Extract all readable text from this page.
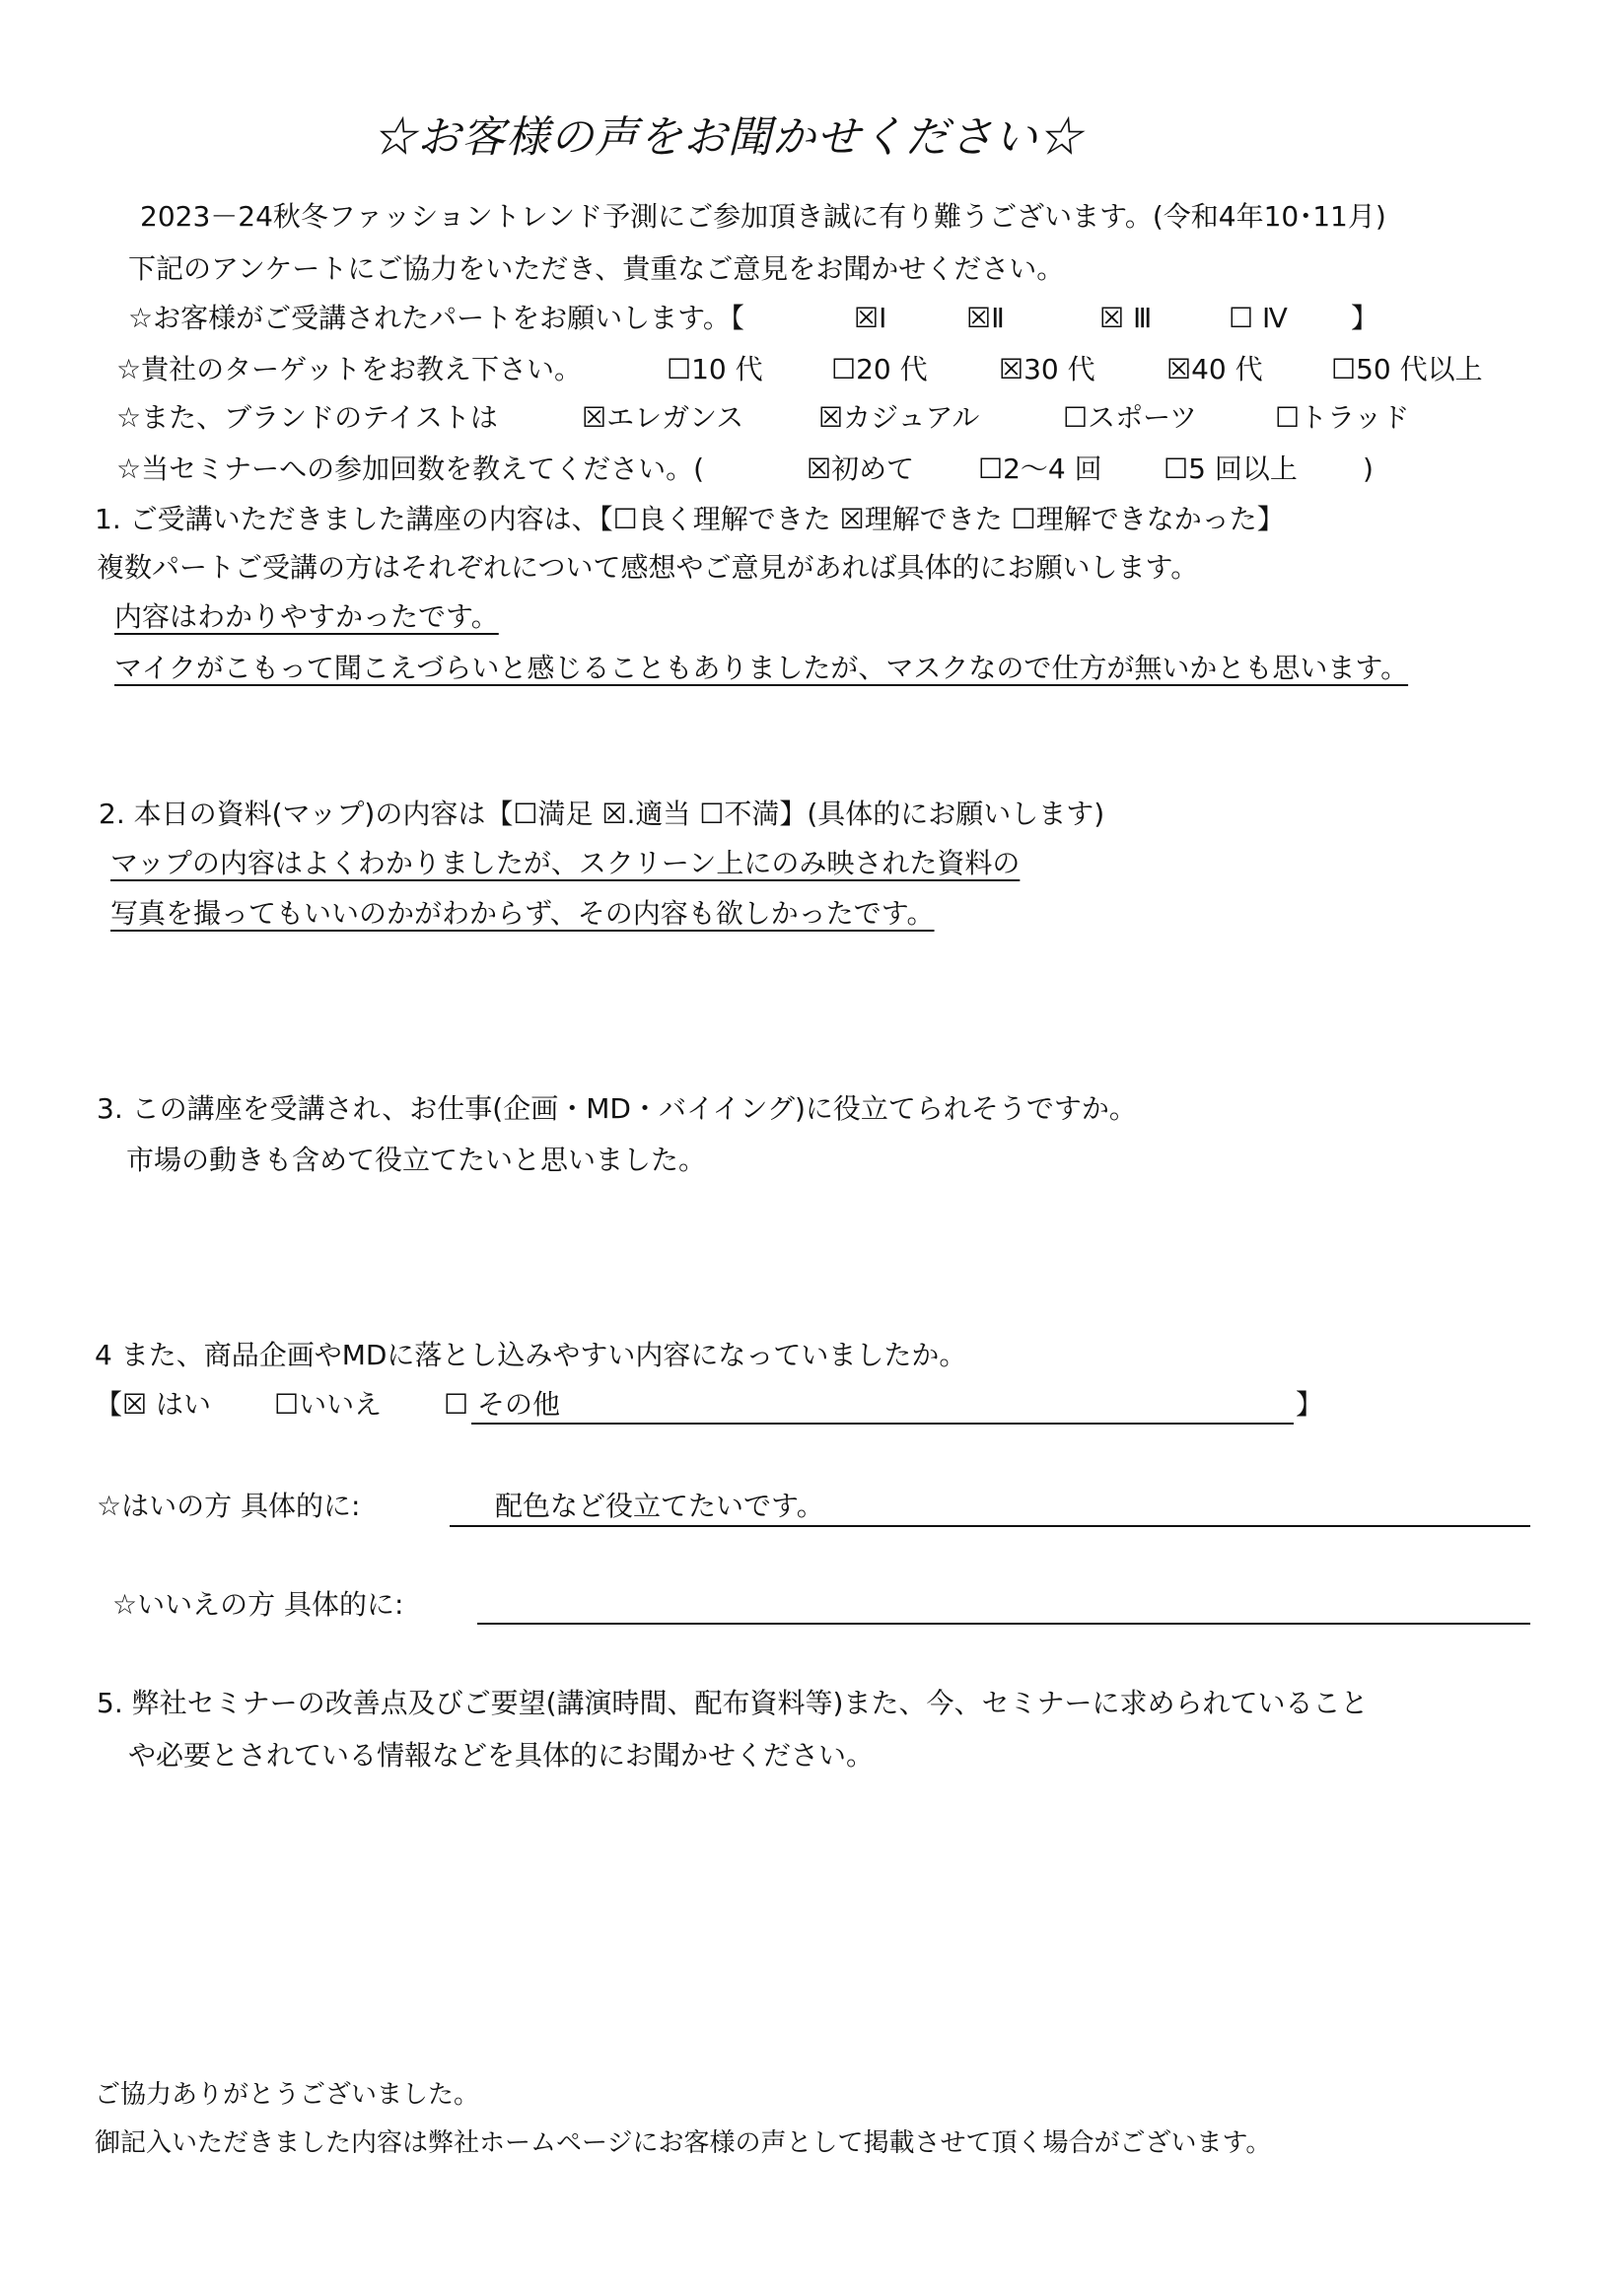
☆お客様の声をお聞かせください☆
2023－24秋冬ファッショントレンド予測にご参加頂き誠に有り難うございます。(令和4年10･11月)
下記のアンケートにご協力をいただき、貴重なご意見をお聞かせください。
☆お客様がご受講されたパートをお願いします。【	☒Ⅰ	☒Ⅱ	☒ Ⅲ	☐ Ⅳ 】
☆貴社のターゲットをお教え下さい。	☐10 代 ☐20 代	☒30 代	☒40 代 ☐50 代以上
☆また、ブランドのテイストは	☒エレガンス	☒カジュアル	☐スポーツ	☐トラッド
☆当セミナーへの参加回数を教えてください。(	☒初めて ☐2～4 回 ☐5 回以上 )
1. ご受講いただきました講座の内容は、【☐良く理解できた ☒理解できた ☐理解できなかった】
複数パートご受講の方はそれぞれについて感想やご意見があれば具体的にお願いします。
内容はわかりやすかったです。
マイクがこもって聞こえづらいと感じることもありましたが、マスクなので仕方が無いかとも思います。
2. 本日の資料(マップ)の内容は【☐満足 ☒.適当 ☐不満】(具体的にお願いします)
マップの内容はよくわかりましたが、スクリーン上にのみ映された資料の
写真を撮ってもいいのかがわからず、その内容も欲しかったです。
3. この講座を受講され、お仕事(企画・MD・バイイング)に役立てられそうですか。
市場の動きも含めて役立てたいと思いました。
4 また、商品企画やMDに落とし込みやすい内容になっていましたか。
【 ☒ はい ☐いいえ ☐ その他	】
☆はいの方 具体的に:	配色など役立てたいです。
☆いいえの方 具体的に:
5. 弊社セミナーの改善点及びご要望(講演時間、配布資料等)また、今、セミナーに求められていること
や必要とされている情報などを具体的にお聞かせください。
ご協力ありがとうございました。
御記入いただきました内容は弊社ホームページにお客様の声として掲載させて頂く場合がございます。
